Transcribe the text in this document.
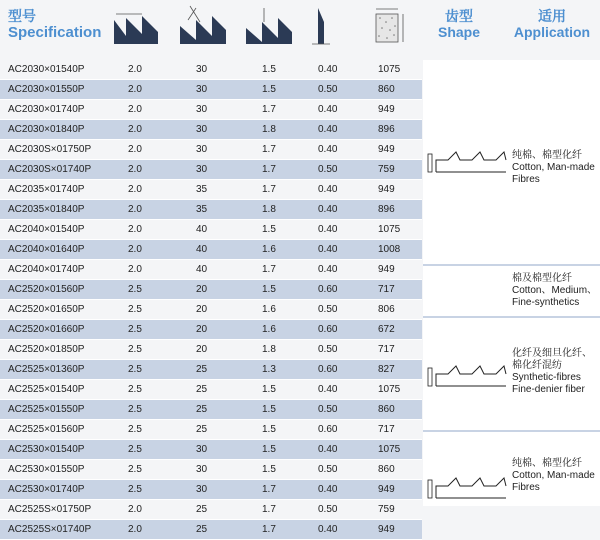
型号
Specification
齿型
Shape
适用
Application
AC2030×01540P	2.0	30	1.5	0.40	1075
AC2030×01550P	2.0	30	1.5	0.50	860
AC2030×01740P	2.0	30	1.7	0.40	949
AC2030×01840P	2.0	30	1.8	0.40	896
AC2030S×01750P	2.0	30	1.7	0.40	949
AC2030S×01740P	2.0	30	1.7	0.50	759
AC2035×01740P	2.0	35	1.7	0.40	949
AC2035×01840P	2.0	35	1.8	0.40	896
AC2040×01540P	2.0	40	1.5	0.40	1075
AC2040×01640P	2.0	40	1.6	0.40	1008
AC2040×01740P	2.0	40	1.7	0.40	949
AC2520×01560P	2.5	20	1.5	0.60	717
AC2520×01650P	2.5	20	1.6	0.50	806
AC2520×01660P	2.5	20	1.6	0.60	672
AC2520×01850P	2.5	20	1.8	0.50	717
AC2525×01360P	2.5	25	1.3	0.60	827
AC2525×01540P	2.5	25	1.5	0.40	1075
AC2525×01550P	2.5	25	1.5	0.50	860
AC2525×01560P	2.5	25	1.5	0.60	717
AC2530×01540P	2.5	30	1.5	0.40	1075
AC2530×01550P	2.5	30	1.5	0.50	860
AC2530×01740P	2.5	30	1.7	0.40	949
AC2525S×01750P	2.0	25	1.7	0.50	759
AC2525S×01740P	2.0	25	1.7	0.40	949
纯棉、棉型化纤
Cotton, Man-made
Fibres
棉及棉型化纤
Cotton、Medium、
Fine-synthetics
化纤及细旦化纤、
棉化纤混纺
Synthetic-fibres
Fine-denier fiber
纯棉、棉型化纤
Cotton, Man-made
Fibres
